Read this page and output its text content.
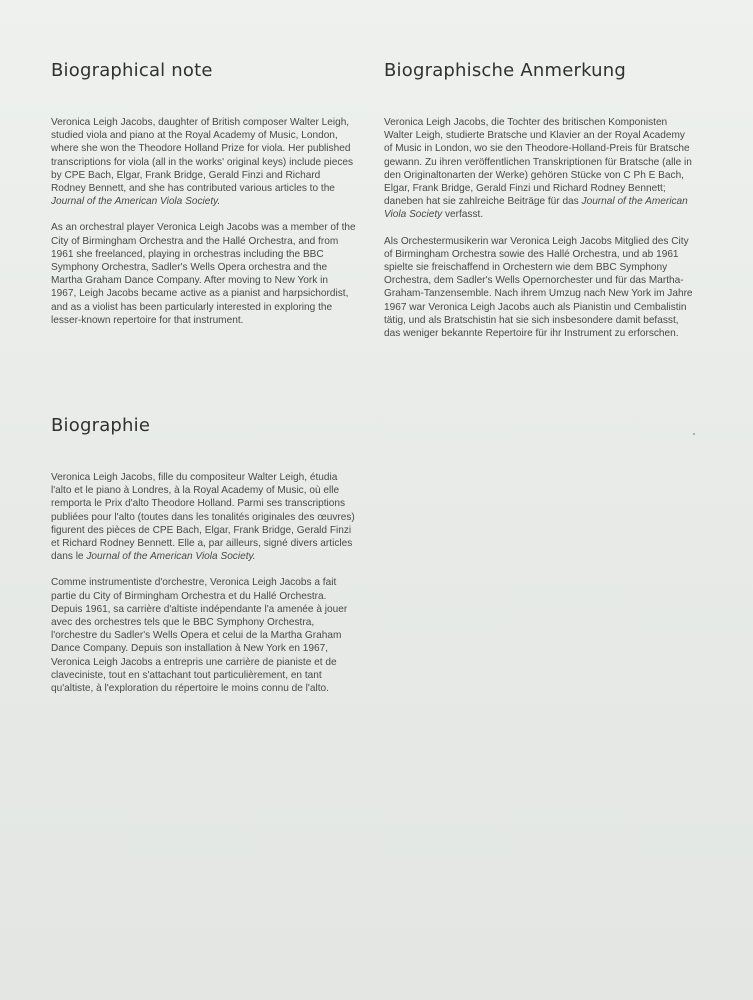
Biographical note

Veronica Leigh Jacobs, daughter of British composer Walter Leigh, studied viola and piano at the Royal Academy of Music, London, where she won the Theodore Holland Prize for viola. Her published transcriptions for viola (all in the works' original keys) include pieces by CPE Bach, Elgar, Frank Bridge, Gerald Finzi and Richard Rodney Bennett, and she has contributed various articles to the Journal of the American Viola Society.

As an orchestral player Veronica Leigh Jacobs was a member of the City of Birmingham Orchestra and the Hallé Orchestra, and from 1961 she freelanced, playing in orchestras including the BBC Symphony Orchestra, Sadler's Wells Opera orchestra and the Martha Graham Dance Company. After moving to New York in 1967, Leigh Jacobs became active as a pianist and harpsichordist, and as a violist has been particularly interested in exploring the lesser-known repertoire for that instrument.

Biographische Anmerkung

Veronica Leigh Jacobs, die Tochter des britischen Komponisten Walter Leigh, studierte Bratsche und Klavier an der Royal Academy of Music in London, wo sie den Theodore-Holland-Preis für Bratsche gewann. Zu ihren veröffentlichen Transkriptionen für Bratsche (alle in den Originaltonarten der Werke) gehören Stücke von C Ph E Bach, Elgar, Frank Bridge, Gerald Finzi und Richard Rodney Bennett; daneben hat sie zahlreiche Beiträge für das Journal of the American Viola Society verfasst.

Als Orchestermusikerin war Veronica Leigh Jacobs Mitglied des City of Birmingham Orchestra sowie des Hallé Orchestra, und ab 1961 spielte sie freischaffend in Orchestern wie dem BBC Symphony Orchestra, dem Sadler's Wells Opernorchester und für das Martha-Graham-Tanzensemble. Nach ihrem Umzug nach New York im Jahre 1967 war Veronica Leigh Jacobs auch als Pianistin und Cembalistin tätig, und als Bratschistin hat sie sich insbesondere damit befasst, das weniger bekannte Repertoire für ihr Instrument zu erforschen.

Biographie

Veronica Leigh Jacobs, fille du compositeur Walter Leigh, étudia l'alto et le piano à Londres, à la Royal Academy of Music, où elle remporta le Prix d'alto Theodore Holland. Parmi ses transcriptions publiées pour l'alto (toutes dans les tonalités originales des œuvres) figurent des pièces de CPE Bach, Elgar, Frank Bridge, Gerald Finzi et Richard Rodney Bennett. Elle a, par ailleurs, signé divers articles dans le Journal of the American Viola Society.

Comme instrumentiste d'orchestre, Veronica Leigh Jacobs a fait partie du City of Birmingham Orchestra et du Hallé Orchestra. Depuis 1961, sa carrière d'altiste indépendante l'a amenée à jouer avec des orchestres tels que le BBC Symphony Orchestra, l'orchestre du Sadler's Wells Opera et celui de la Martha Graham Dance Company. Depuis son installation à New York en 1967, Veronica Leigh Jacobs a entrepris une carrière de pianiste et de claveciniste, tout en s'attachant tout particulièrement, en tant qu'altiste, à l'exploration du répertoire le moins connu de l'alto.
